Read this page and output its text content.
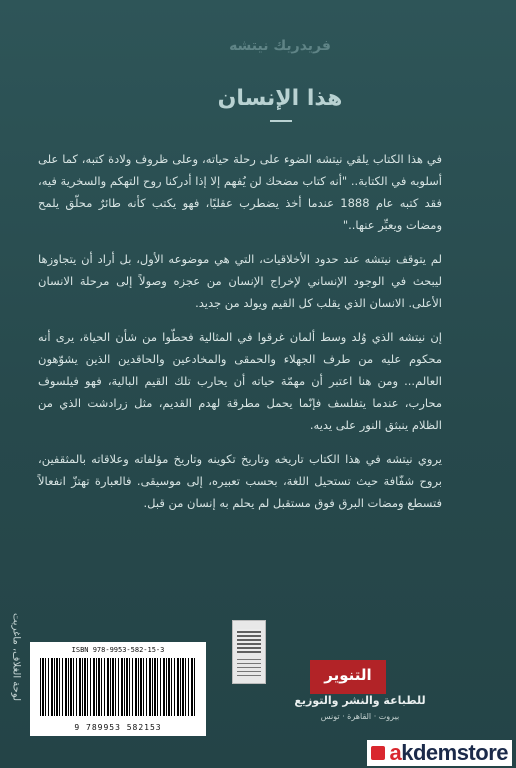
فريدريك نيتشه
هذا الإنسان

في هذا الكتاب يلقي نيتشه الضوء على رحلة حياته، وعلى ظروف ولادة كتبه، كما على أسلوبه في الكتابة.. "أنه كتاب مضحك لن يُفهم إلا إذا أدركنا روح التهكم والسخرية فيه، فقد كتبه عام 1888 عندما أخذ يضطرب عقليًا، فهو يكتب كأنه طائرٌ محلّق يلمح ومضات ويعبِّر عنها.."

لم يتوقف نيتشه عند حدود الأخلاقيات، التي هي موضوعه الأول، بل أراد أن يتجاوزها ليبحث في الوجود الإنساني لإخراج الإنسان من عجزه وصولاً إلى مرحلة الانسان الأعلى. الانسان الذي يقلب كل القيم ويولد من جديد.

إن نيتشه الذي وُلد وسط ألمان غرقوا في المثالية فحطّوا من شأن الحياة، يرى أنه محكوم عليه من طرف الجهلاء والحمقى والمخادعين والحاقدين الذين يشوّهون العالم... ومن هنا اعتبر أن مهمّة حياته أن يحارب تلك القيم البالية، فهو فيلسوف محارب، عندما يتفلسف فإنّما يحمل مطرقة لهدم القديم، مثل زرادشت الذي من الظلام ينبثق النور على يديه.

يروي نيتشه في هذا الكتاب تاريخه وتاريخ تكوينه وتاريخ مؤلفاته وعلاقاته بالمثقفين، بروح شفّافة حيث تستحيل اللغة، بحسب تعبيره، إلى موسيقى. فالعبارة تهتزّ انفعالاً فتسطع ومضات البرق فوق مستقبل لم يحلم به إنسان من قبل.

لوحة الغلاف، ماغريت	ISBN 978-9953-582-15-3
9 789953 582153
التنوير
للطباعة والنشر والتوزيع
بيروت · القاهرة · تونس
akdemstore
